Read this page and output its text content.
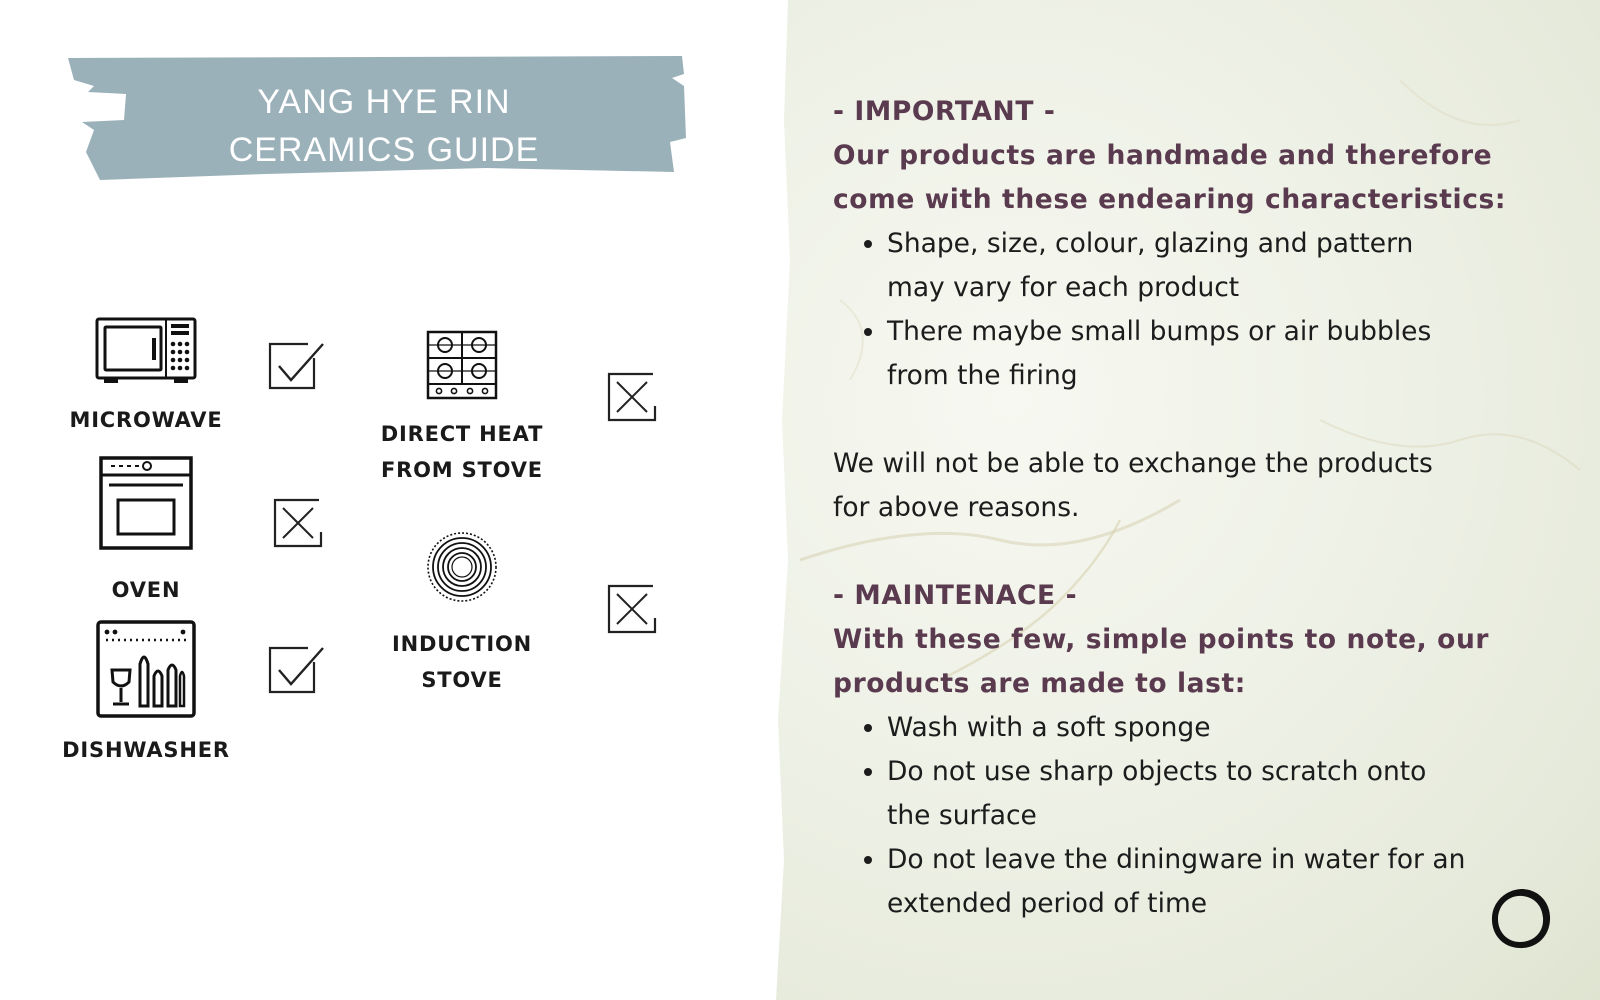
YANG HYE RIN
CERAMICS GUIDE
MICROWAVE
OVEN
DISHWASHER
DIRECT HEAT
FROM STOVE
INDUCTION
STOVE
- IMPORTANT -
Our products are handmade and therefore
come with these endearing characteristics:
• Shape, size, colour, glazing and pattern
may vary for each product
• There maybe small bumps or air bubbles
from the firing
We will not be able to exchange the products
for above reasons.
- MAINTENACE -
With these few, simple points to note, our
products are made to last:
• Wash with a soft sponge
• Do not use sharp objects to scratch onto
the surface
• Do not leave the diningware in water for an
extended period of time
